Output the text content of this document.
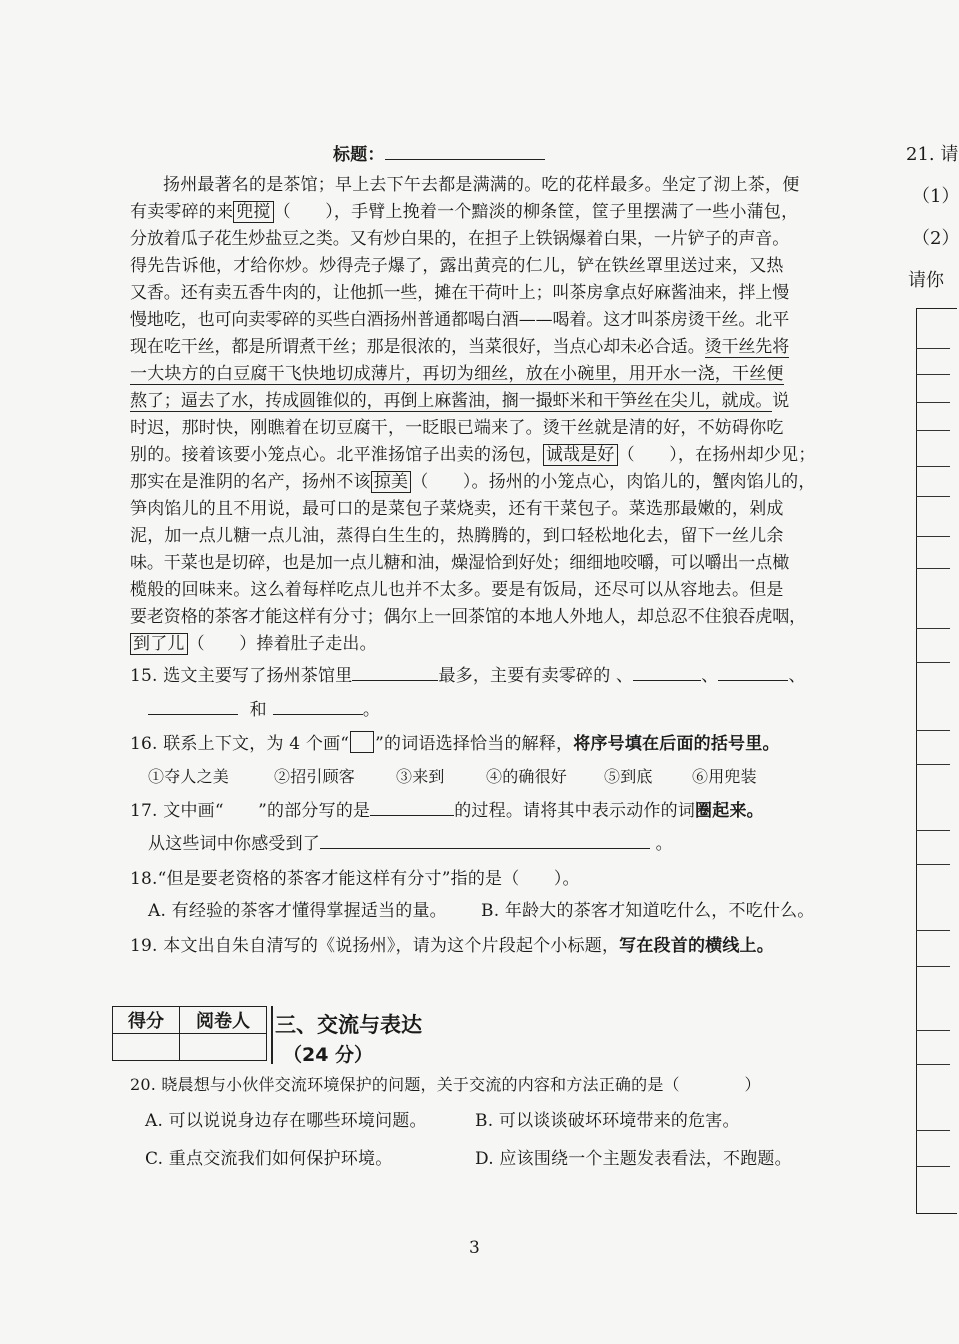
标题：
扬州最著名的是茶馆；早上去下午去都是满满的。吃的花样最多。坐定了沏上茶，便
有卖零碎的来 兜搅 （　　），手臂上挽着一个黯淡的柳条筐，筐子里摆满了一些小蒲包，
分放着瓜子花生炒盐豆之类。又有炒白果的，在担子上铁锅爆着白果，一片铲子的声音。
得先告诉他，才给你炒。炒得壳子爆了，露出黄亮的仁儿，铲在铁丝罩里送过来，又热
又香。还有卖五香牛肉的，让他抓一些，摊在干荷叶上；叫茶房拿点好麻酱油来，拌上慢
慢地吃，也可向卖零碎的买些白酒扬州普通都喝白酒——喝着。这才叫茶房烫干丝。北平
现在吃干丝，都是所谓煮干丝；那是很浓的，当菜很好，当点心却未必合适。烫干丝先将
一大块方的白豆腐干飞快地切成薄片，再切为细丝，放在小碗里，用开水一浇，干丝便
熬了；逼去了水，抟成圆锥似的，再倒上麻酱油，搁一撮虾米和干笋丝在尖儿，就成。说
时迟，那时快，刚瞧着在切豆腐干，一眨眼已端来了。烫干丝就是清的好，不妨碍你吃
别的。接着该要小笼点心。北平淮扬馆子出卖的汤包， 诚哉是好 （　　），在扬州却少见；
那实在是淮阴的名产，扬州不该 掠美 （　　）。扬州的小笼点心，肉馅儿的，蟹肉馅儿的，
笋肉馅儿的且不用说，最可口的是菜包子菜烧卖，还有干菜包子。菜选那最嫩的，剁成
泥，加一点儿糖一点儿油，蒸得白生生的，热腾腾的，到口轻松地化去，留下一丝儿余
味。干菜也是切碎，也是加一点儿糖和油，燥湿恰到好处；细细地咬嚼，可以嚼出一点橄
榄般的回味来。这么着每样吃点儿也并不太多。要是有饭局，还尽可以从容地去。但是
要老资格的茶客才能这样有分寸；偶尔上一回茶馆的本地人外地人，却总忍不住狼吞虎咽，
到了儿 （　　）捧着肚子走出。
15. 选文主要写了扬州茶馆里	最多，主要有卖零碎的 、	、	、
和	。
16. 联系上下文，为 4 个画“ ”的词语选择恰当的解释，将序号填在后面的括号里。
①夺人之美	②招引顾客	③来到	④的确很好 ⑤到底 ⑥用兜装
17. 文中画“　　”的部分写的是	的过程。请将其中表示动作的词圈起来。
从这些词中你感受到了	。
18.“但是要老资格的茶客才能这样有分寸”指的是（　　）。
A. 有经验的茶客才懂得掌握适当的量。 B. 年龄大的茶客才知道吃什么，不吃什么。
19. 本文出自朱自清写的《说扬州》，请为这个片段起个小标题，写在段首的横线上。
得分	阅卷人
	三、交流与表达
（24 分）
20. 晓晨想与小伙伴交流环境保护的问题，关于交流的内容和方法正确的是（　　　　）
A. 可以说说身边存在哪些环境问题。	B. 可以谈谈破坏环境带来的危害。
C. 重点交流我们如何保护环境。	D. 应该围绕一个主题发表看法，不跑题。
3
21. 请
（1）
（2）
请你
